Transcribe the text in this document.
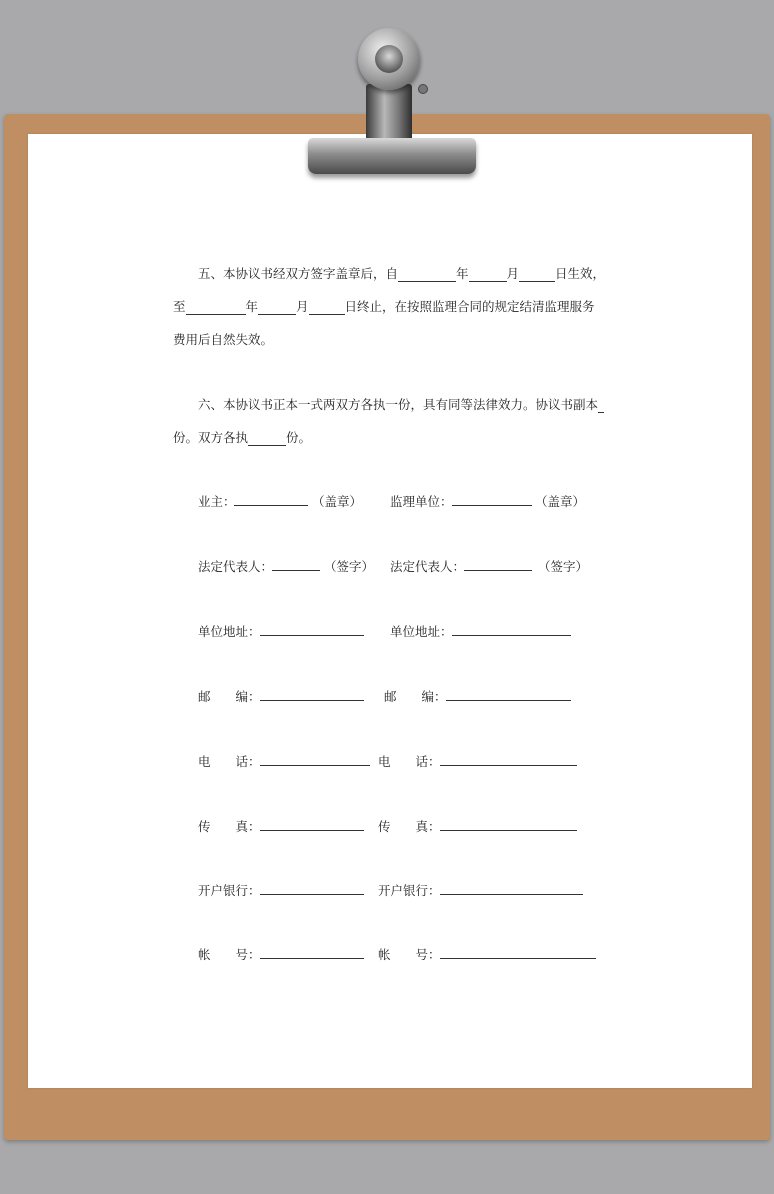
五、本协议书经双方签字盖章后，自	年	月	日生效，
至	年	月	日终止，在按照监理合同的规定结清监理服务
费用后自然失效。
六、本协议书正本一式两双方各执一份，具有同等法律效力。协议书副本
份。双方各执	份。
业主：	（盖章） 监理单位：	（盖章）
法定代表人：	（签字） 法定代表人：	（签字）
单位地址：	单位地址：
邮　　编：	邮　　编：
电　　话：	电　　话：
传　　真：	传　　真：
开户银行：	开户银行：
帐　　号：	帐　　号：
